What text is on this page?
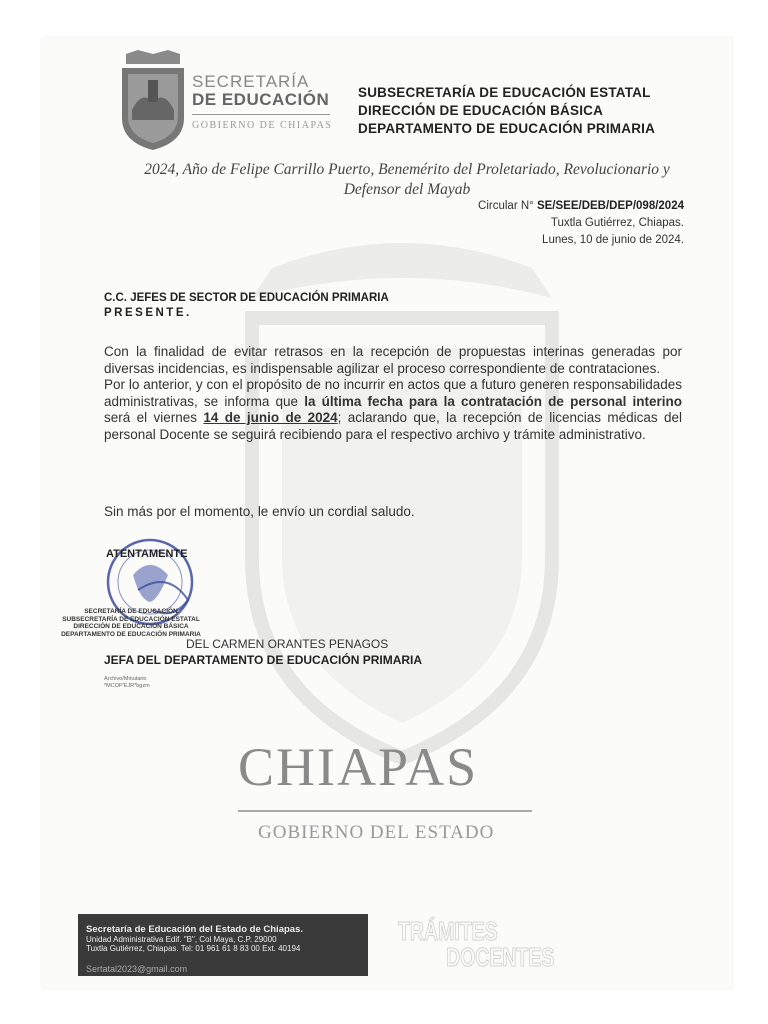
SECRETARÍA
DE EDUCACIÓN
GOBIERNO DE CHIAPAS
SUBSECRETARÍA DE EDUCACIÓN ESTATAL
DIRECCIÓN DE EDUCACIÓN BÁSICA
DEPARTAMENTO DE EDUCACIÓN PRIMARIA
2024, Año de Felipe Carrillo Puerto, Benemérito del Proletariado, Revolucionario y
Defensor del Mayab
Circular N° SE/SEE/DEB/DEP/098/2024
Tuxtla Gutiérrez, Chiapas.
Lunes, 10 de junio de 2024.
C.C. JEFES DE SECTOR DE EDUCACIÓN PRIMARIA
PRESENTE.

Con la finalidad de evitar retrasos en la recepción de propuestas interinas generadas por diversas incidencias, es indispensable agilizar el proceso correspondiente de contrataciones.

Por lo anterior, y con el propósito de no incurrir en actos que a futuro generen responsabilidades administrativas, se informa que la última fecha para la contratación de personal interino será el viernes 14 de junio de 2024; aclarando que, la recepción de licencias médicas del personal Docente se seguirá recibiendo para el respectivo archivo y trámite administrativo.

Sin más por el momento, le envío un cordial saludo.
ATENTAMENTE
SECRETARÍA DE EDUCACIÓN
SUBSECRETARÍA DE EDUCACIÓN ESTATAL
DIRECCIÓN DE EDUCACIÓN BÁSICA
DEPARTAMENTO DE EDUCACIÓN PRIMARIA
DEL CARMEN ORANTES PENAGOS
JEFA DEL DEPARTAMENTO DE EDUCACIÓN PRIMARIA
Archivo/Minutario
*MCOP'EJR*bgzm
CHIAPAS
GOBIERNO DEL ESTADO
Secretaría de Educación del Estado de Chiapas.
Unidad Administrativa Edif. "B", Col Maya, C.P. 29000
Tuxtla Gutiérrez, Chiapas. Tel: 01 961 61 8 83 00 Ext. 40194
Sertatal2023@gmail.com
TRÁMITES
DOCENTES
